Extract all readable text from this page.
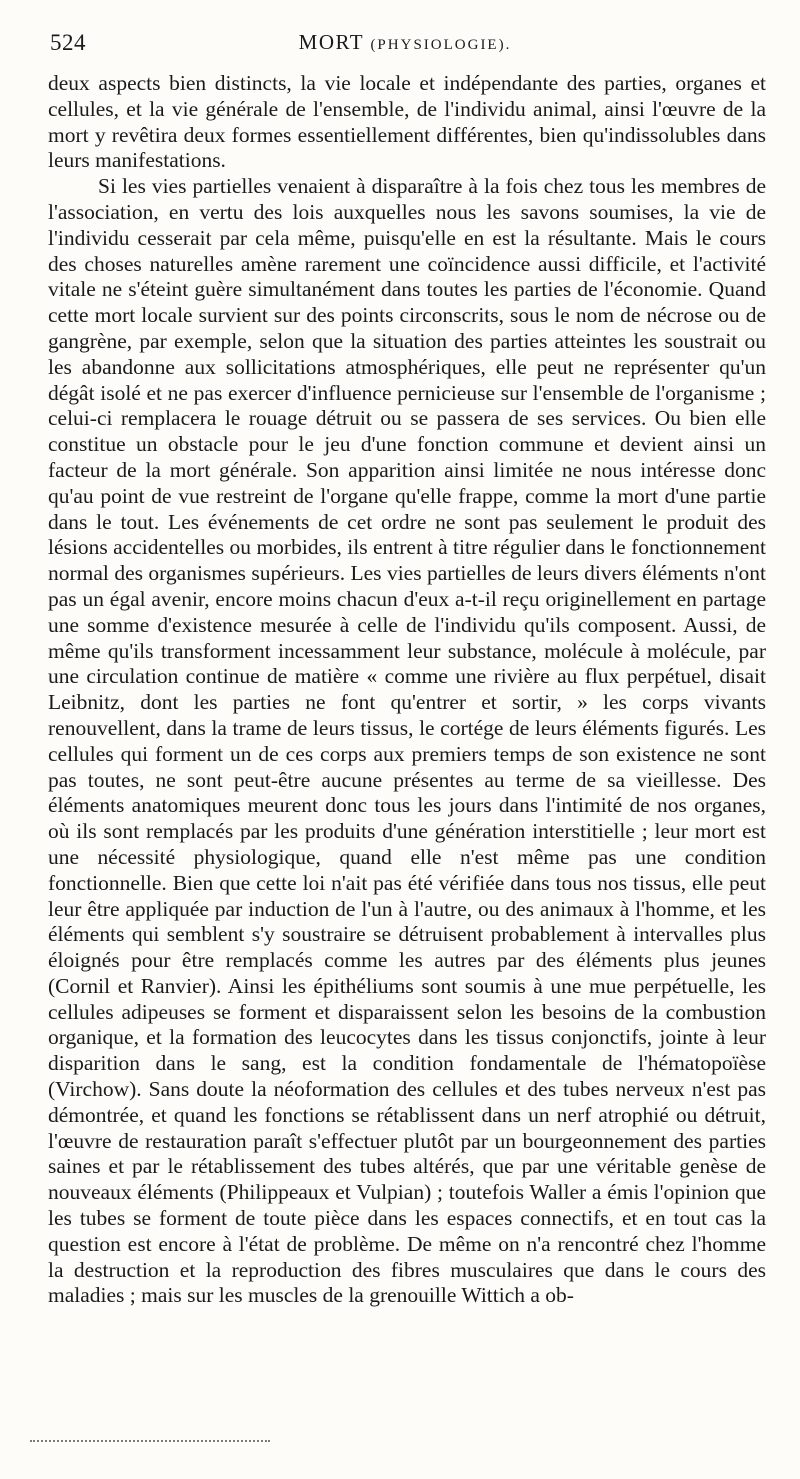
524	MORT (PHYSIOLOGIE).

deux aspects bien distincts, la vie locale et indépendante des parties, organes et cellules, et la vie générale de l'ensemble, de l'individu animal, ainsi l'œuvre de la mort y revêtira deux formes essentiellement différentes, bien qu'indissolubles dans leurs manifestations.

Si les vies partielles venaient à disparaître à la fois chez tous les membres de l'association, en vertu des lois auxquelles nous les savons soumises, la vie de l'individu cesserait par cela même, puisqu'elle en est la résultante. Mais le cours des choses naturelles amène rarement une coïncidence aussi difficile, et l'activité vitale ne s'éteint guère simultanément dans toutes les parties de l'économie. Quand cette mort locale survient sur des points circonscrits, sous le nom de nécrose ou de gangrène, par exemple, selon que la situation des parties atteintes les soustrait ou les abandonne aux sollicitations atmosphériques, elle peut ne représenter qu'un dégât isolé et ne pas exercer d'influence pernicieuse sur l'ensemble de l'organisme ; celui-ci remplacera le rouage détruit ou se passera de ses services. Ou bien elle constitue un obstacle pour le jeu d'une fonction commune et devient ainsi un facteur de la mort générale. Son apparition ainsi limitée ne nous intéresse donc qu'au point de vue restreint de l'organe qu'elle frappe, comme la mort d'une partie dans le tout. Les événements de cet ordre ne sont pas seulement le produit des lésions accidentelles ou morbides, ils entrent à titre régulier dans le fonctionnement normal des organismes supérieurs. Les vies partielles de leurs divers éléments n'ont pas un égal avenir, encore moins chacun d'eux a-t-il reçu originellement en partage une somme d'existence mesurée à celle de l'individu qu'ils composent. Aussi, de même qu'ils transforment incessamment leur substance, molécule à molécule, par une circulation continue de matière « comme une rivière au flux perpétuel, disait Leibnitz, dont les parties ne font qu'entrer et sortir, » les corps vivants renouvellent, dans la trame de leurs tissus, le cortége de leurs éléments figurés. Les cellules qui forment un de ces corps aux premiers temps de son existence ne sont pas toutes, ne sont peut-être aucune présentes au terme de sa vieillesse. Des éléments anatomiques meurent donc tous les jours dans l'intimité de nos organes, où ils sont remplacés par les produits d'une génération interstitielle ; leur mort est une nécessité physiologique, quand elle n'est même pas une condition fonctionnelle. Bien que cette loi n'ait pas été vérifiée dans tous nos tissus, elle peut leur être appliquée par induction de l'un à l'autre, ou des animaux à l'homme, et les éléments qui semblent s'y soustraire se détruisent probablement à intervalles plus éloignés pour être remplacés comme les autres par des éléments plus jeunes (Cornil et Ranvier). Ainsi les épithéliums sont soumis à une mue perpétuelle, les cellules adipeuses se forment et disparaissent selon les besoins de la combustion organique, et la formation des leucocytes dans les tissus conjonctifs, jointe à leur disparition dans le sang, est la condition fondamentale de l'hématopoïèse (Virchow). Sans doute la néoformation des cellules et des tubes nerveux n'est pas démontrée, et quand les fonctions se rétablissent dans un nerf atrophié ou détruit, l'œuvre de restauration paraît s'effectuer plutôt par un bourgeonnement des parties saines et par le rétablissement des tubes altérés, que par une véritable genèse de nouveaux éléments (Philippeaux et Vulpian) ; toutefois Waller a émis l'opinion que les tubes se forment de toute pièce dans les espaces connectifs, et en tout cas la question est encore à l'état de problème. De même on n'a rencontré chez l'homme la destruction et la reproduction des fibres musculaires que dans le cours des maladies ; mais sur les muscles de la grenouille Wittich a ob-
